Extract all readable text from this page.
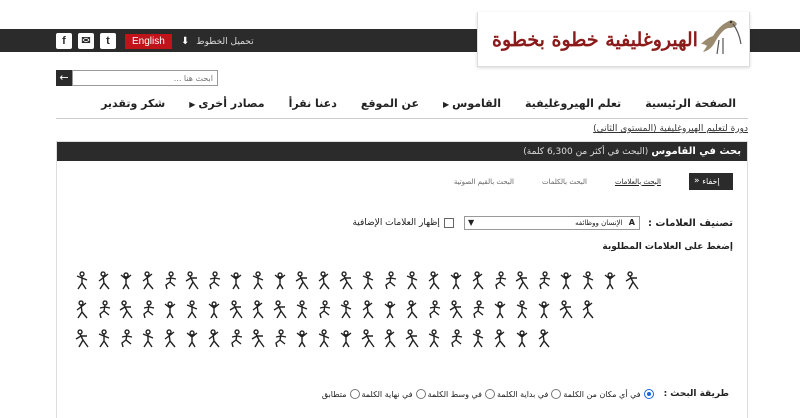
f	✉	t	English	تحميل الخطوط ⬇	الهيروغليفية خطوة بخطوة
←
ابحث هنا ...
الصفحة الرئيسية
تعلم الهيروغليفية
القاموس▶
عن الموقع
دعنا نقرأ
مصادر أخرى▶
شكر وتقدير
دورة لتعليم الهيروغليفية (المستوى الثاني)
بحث في القاموس (البحث في أكثر من 6,300 كلمة)
إخفاء
«
البحث بالعلامات
البحث بالكلمات
البحث بالقيم الصوتية
تصنيف العلامات :
A الإنسان ووظائفه
▼
إظهار العلامات الإضافية
إضغط على العلامات المطلوبة
طريقة البحث :
في أي مكان من الكلمة
في بداية الكلمة
في وسط الكلمة
في نهاية الكلمة
متطابق
